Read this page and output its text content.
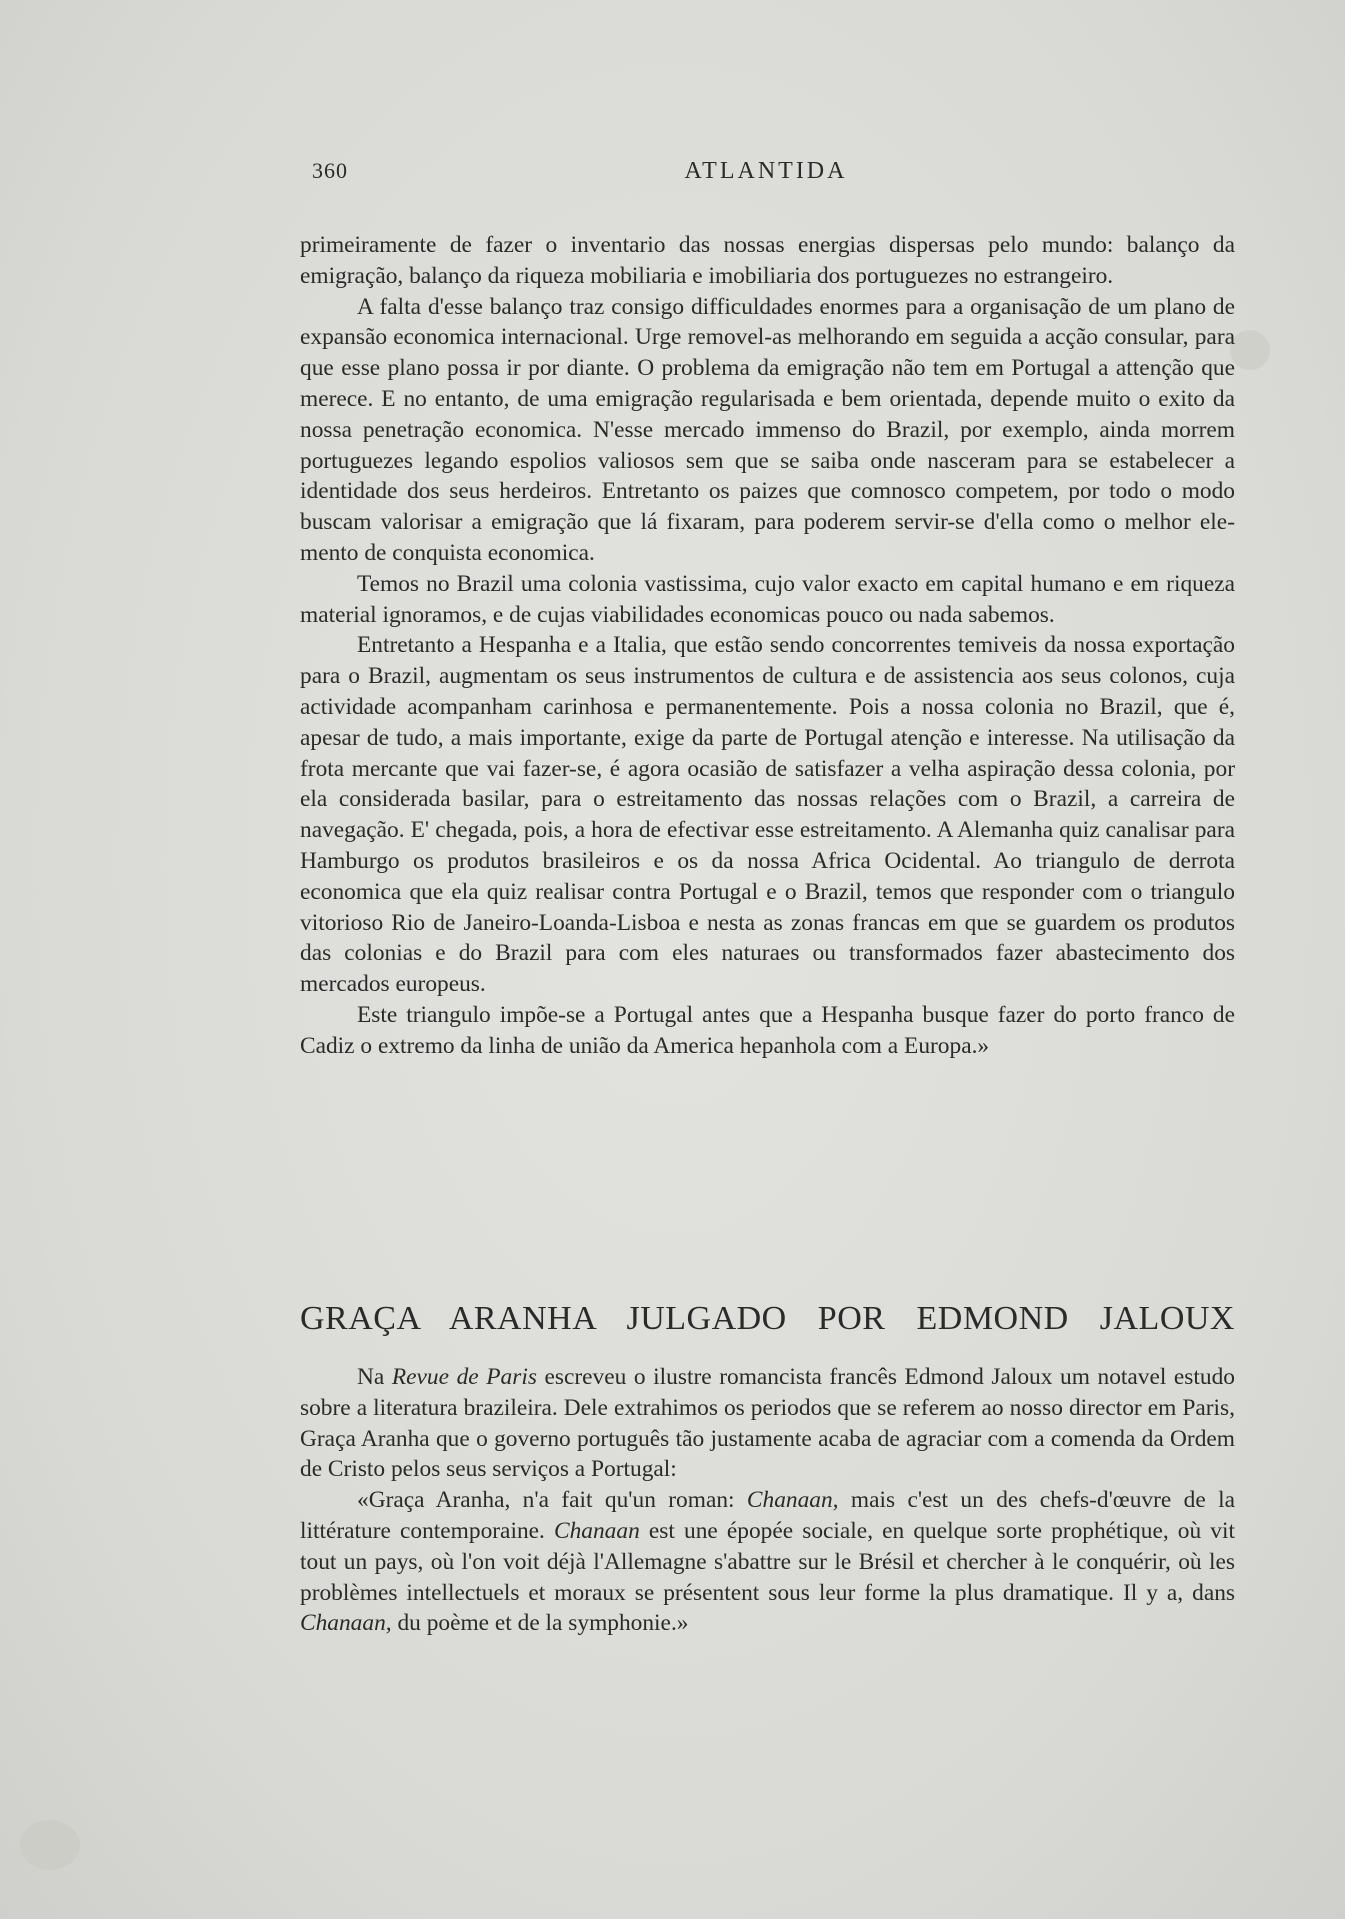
360	ATLANTIDA

primeiramente de fazer o inventario das nossas energias dispersas pelo mundo: balanço da emigração, balanço da riqueza mobiliaria e imobiliaria dos portuguezes no estrangeiro.

A falta d'esse balanço traz consigo difficuldades enormes para a organisação de um plano de expansão economica internacional. Urge removel-as melhorando em seguida a acção consular, para que esse plano possa ir por diante. O problema da emigração não tem em Portugal a attenção que merece. E no entanto, de uma emigração regularisada e bem orientada, depende muito o exito da nossa penetração economica. N'esse mercado immenso do Brazil, por exemplo, ainda morrem portuguezes legando espolios valiosos sem que se saiba onde nasceram para se estabelecer a identidade dos seus herdeiros. Entretanto os paizes que comnosco competem, por todo o modo buscam valorisar a emigração que lá fixaram, para poderem servir-se d'ella como o melhor elemento de conquista economica.

Temos no Brazil uma colonia vastissima, cujo valor exacto em capital humano e em riqueza material ignoramos, e de cujas viabilidades economicas pouco ou nada sabemos.

Entretanto a Hespanha e a Italia, que estão sendo concorrentes temiveis da nossa exportação para o Brazil, augmentam os seus instrumentos de cultura e de assistencia aos seus colonos, cuja actividade acompanham carinhosa e permanentemente. Pois a nossa colonia no Brazil, que é, apesar de tudo, a mais importante, exige da parte de Portugal atenção e interesse. Na utilisação da frota mercante que vai fazer-se, é agora ocasião de satisfazer a velha aspiração dessa colonia, por ela considerada basilar, para o estreitamento das nossas relações com o Brazil, a carreira de navegação. E' chegada, pois, a hora de efectivar esse estreitamento. A Alemanha quiz canalisar para Hamburgo os produtos brasileiros e os da nossa Africa Ocidental. Ao triangulo de derrota economica que ela quiz realisar contra Portugal e o Brazil, temos que responder com o triangulo vitorioso Rio de Janeiro-Loanda-Lisboa e nesta as zonas francas em que se guardem os produtos das colonias e do Brazil para com eles naturaes ou transformados fazer abastecimento dos mercados europeus.

Este triangulo impõe-se a Portugal antes que a Hespanha busque fazer do porto franco de Cadiz o extremo da linha de união da America hepanhola com a Europa.»

GRAÇA ARANHA JULGADO POR EDMOND JALOUX

Na Revue de Paris escreveu o ilustre romancista francês Edmond Jaloux um notavel estudo sobre a literatura brazileira. Dele extrahimos os periodos que se referem ao nosso director em Paris, Graça Aranha que o governo português tão justamente acaba de agraciar com a comenda da Ordem de Cristo pelos seus serviços a Portugal:

«Graça Aranha, n'a fait qu'un roman: Chanaan, mais c'est un des chefs-d'œuvre de la littérature contemporaine. Chanaan est une épopée sociale, en quelque sorte prophétique, où vit tout un pays, où l'on voit déjà l'Allemagne s'abattre sur le Brésil et chercher à le conquérir, où les problèmes intellectuels et moraux se présentent sous leur forme la plus dramatique. Il y a, dans Chanaan, du poème et de la symphonie.»
